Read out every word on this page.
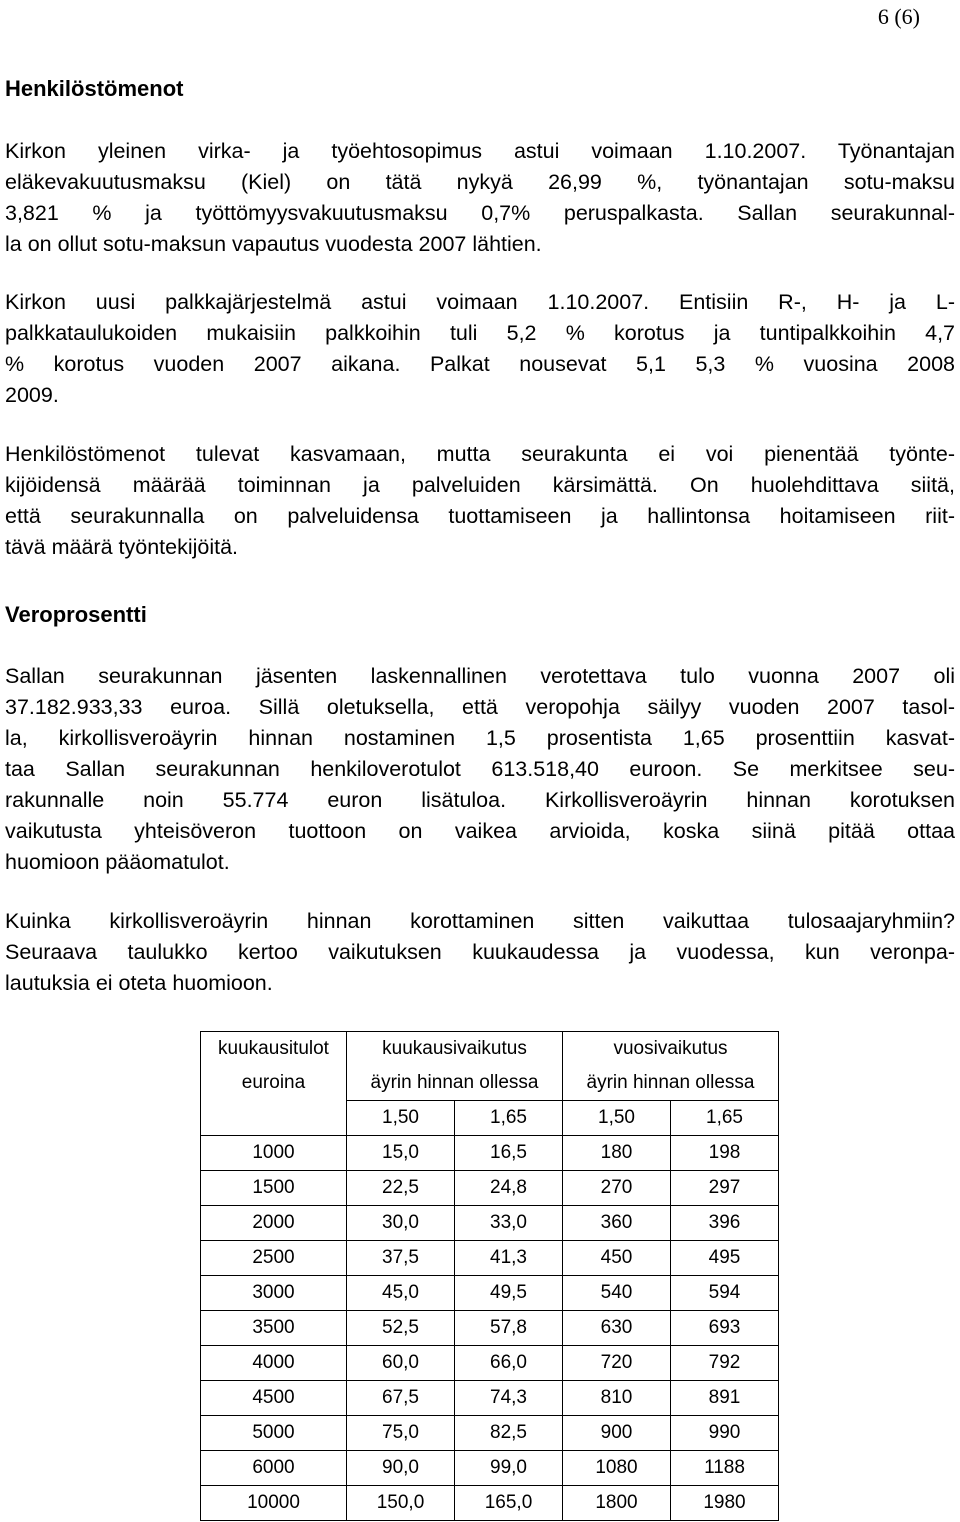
6 (6)
Henkilöstömenot
Kirkon yleinen virka- ja työehtosopimus astui voimaan 1.10.2007. Työnantajan
eläkevakuutusmaksu (Kiel) on tätä nykyä 26,99 %, työnantajan sotu-maksu
3,821 % ja työttömyysvakuutusmaksu 0,7% peruspalkasta. Sallan seurakunnal-
la on ollut sotu-maksun vapautus vuodesta 2007 lähtien.
Kirkon uusi palkkajärjestelmä astui voimaan 1.10.2007. Entisiin R-, H- ja L-
palkkataulukoiden mukaisiin palkkoihin tuli 5,2 % korotus ja tuntipalkkoihin 4,7
% korotus vuoden 2007 aikana. Palkat nousevat 5,1 5,3 % vuosina 2008
2009.
Henkilöstömenot tulevat kasvamaan, mutta seurakunta ei voi pienentää työnte-
kijöidensä määrää toiminnan ja palveluiden kärsimättä. On huolehdittava siitä,
että seurakunnalla on palveluidensa tuottamiseen ja hallintonsa hoitamiseen riit-
tävä määrä työntekijöitä.
Veroprosentti
Sallan seurakunnan jäsenten laskennallinen verotettava tulo vuonna 2007 oli
37.182.933,33 euroa. Sillä oletuksella, että veropohja säilyy vuoden 2007 tasol-
la, kirkollisveroäyrin hinnan nostaminen 1,5 prosentista 1,65 prosenttiin kasvat-
taa Sallan seurakunnan henkiloverotulot 613.518,40 euroon. Se merkitsee seu-
rakunnalle noin 55.774 euron lisätuloa. Kirkollisveroäyrin hinnan korotuksen
vaikutusta yhteisöveron tuottoon on vaikea arvioida, koska siinä pitää ottaa
huomioon pääomatulot.
Kuinka kirkollisveroäyrin hinnan korottaminen sitten vaikuttaa tulosaajaryhmiin?
Seuraava taulukko kertoo vaikutuksen kuukaudessa ja vuodessa, kun veronpa-
lautuksia ei oteta huomioon.
kuukausitulot	kuukausivaikutus		vuosivaikutus	
euroina	äyrin hinnan ollessa		äyrin hinnan ollessa	
	1,50	1,65	1,50	1,65
1000	15,0	16,5	180	198
1500	22,5	24,8	270	297
2000	30,0	33,0	360	396
2500	37,5	41,3	450	495
3000	45,0	49,5	540	594
3500	52,5	57,8	630	693
4000	60,0	66,0	720	792
4500	67,5	74,3	810	891
5000	75,0	82,5	900	990
6000	90,0	99,0	1080	1188
10000	150,0	165,0	1800	1980
